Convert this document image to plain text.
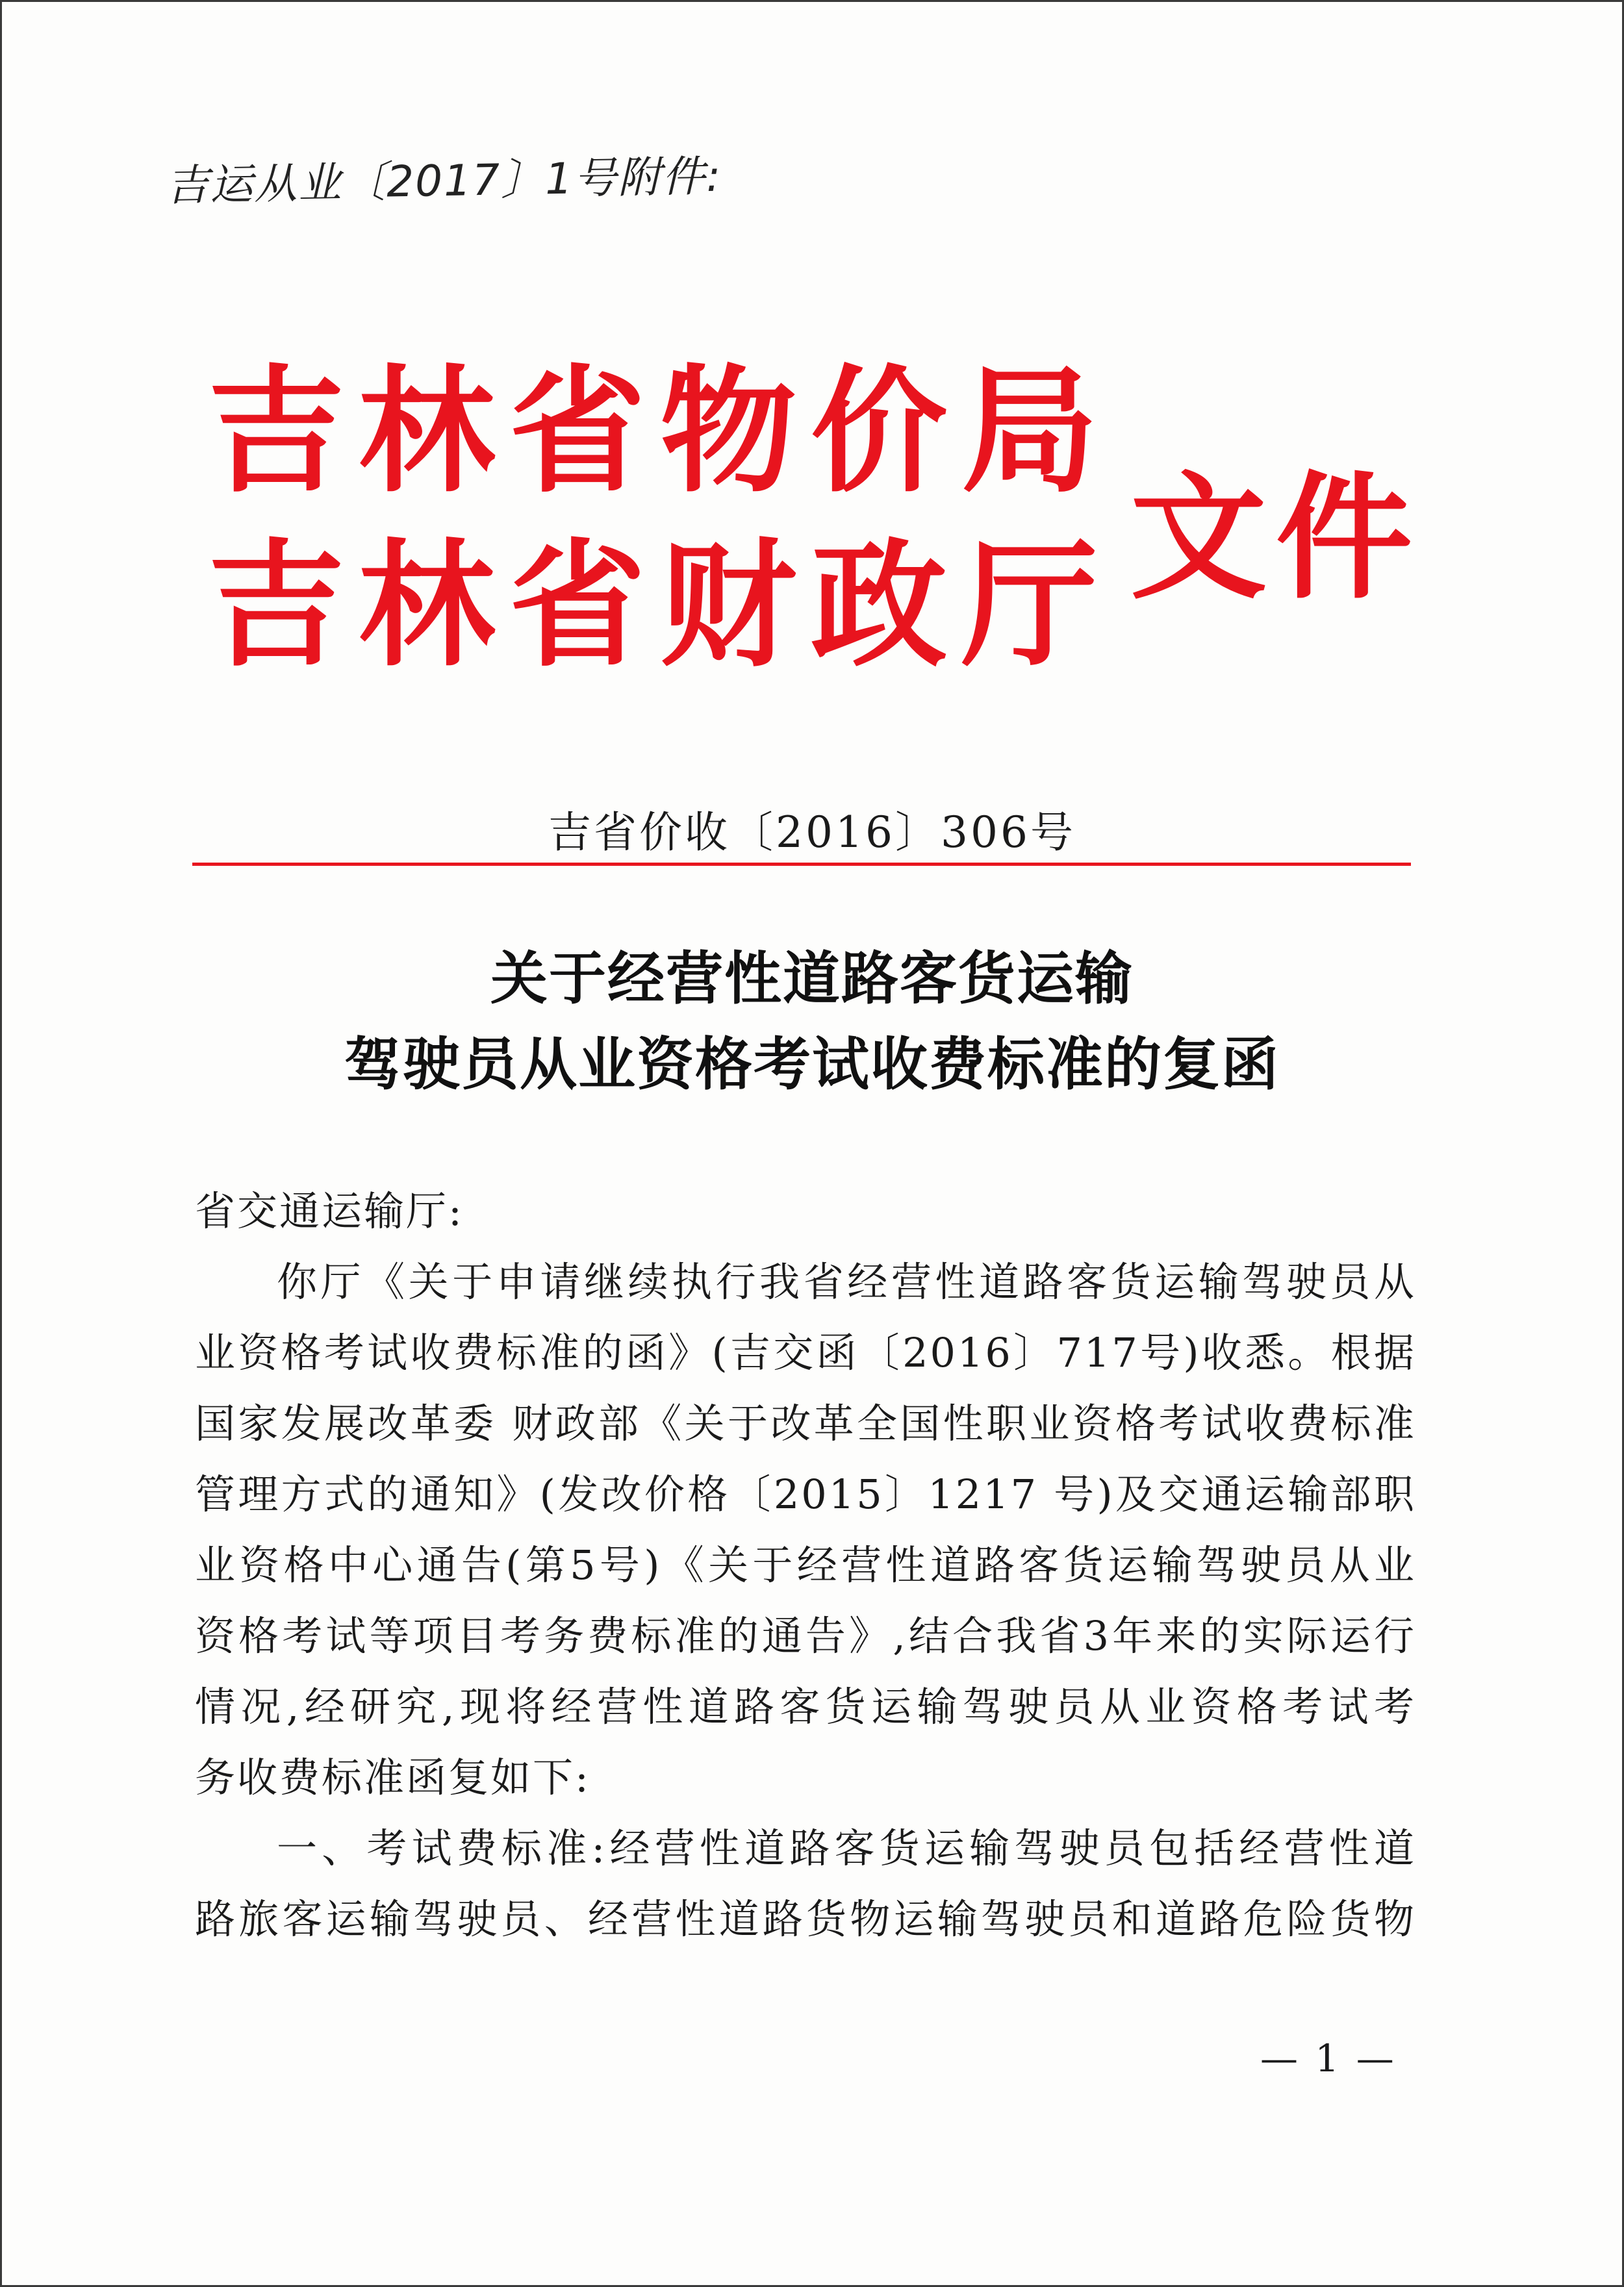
吉运从业〔2017〕1号附件:
吉林省物价局
吉林省财政厅 文件
吉省价收〔2016〕306号
关于经营性道路客货运输
驾驶员从业资格考试收费标准的复函
省交通运输厅:
你厅《关于申请继续执行我省经营性道路客货运输驾驶员从
业资格考试收费标准的函》(吉交函〔2016〕717号)收悉。根据
国家发展改革委 财政部《关于改革全国性职业资格考试收费标准
管理方式的通知》(发改价格〔2015〕1217 号)及交通运输部职
业资格中心通告(第5号)《关于经营性道路客货运输驾驶员从业
资格考试等项目考务费标准的通告》,结合我省3年来的实际运行
情况,经研究,现将经营性道路客货运输驾驶员从业资格考试考
务收费标准函复如下:
一、考试费标准:经营性道路客货运输驾驶员包括经营性道
路旅客运输驾驶员、经营性道路货物运输驾驶员和道路危险货物
— 1 —
